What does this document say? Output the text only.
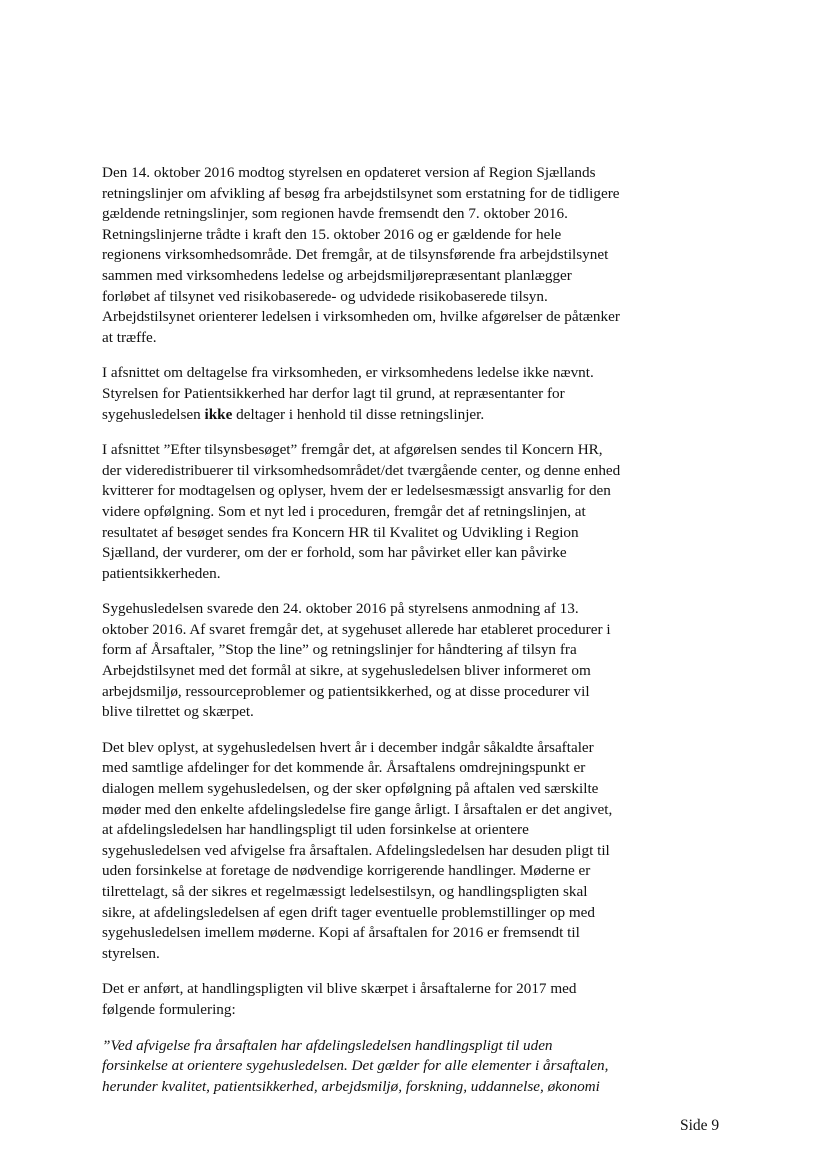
Den 14. oktober 2016 modtog styrelsen en opdateret version af Region Sjællands retningslinjer om afvikling af besøg fra arbejdstilsynet som erstatning for de tidligere gældende retningslinjer, som regionen havde fremsendt den 7. oktober 2016. Retningslinjerne trådte i kraft den 15. oktober 2016 og er gældende for hele regionens virksomhedsområde. Det fremgår, at de tilsynsførende fra arbejdstilsynet sammen med virksomhedens ledelse og arbejdsmiljørepræsentant planlægger forløbet af tilsynet ved risikobaserede- og udvidede risikobaserede tilsyn. Arbejdstilsynet orienterer ledelsen i virksomheden om, hvilke afgørelser de påtænker at træffe.

I afsnittet om deltagelse fra virksomheden, er virksomhedens ledelse ikke nævnt. Styrelsen for Patientsikkerhed har derfor lagt til grund, at repræsentanter for sygehusledelsen ikke deltager i henhold til disse retningslinjer.

I afsnittet ”Efter tilsynsbesøget” fremgår det, at afgørelsen sendes til Koncern HR, der videredistribuerer til virksomhedsområdet/det tværgående center, og denne enhed kvitterer for modtagelsen og oplyser, hvem der er ledelsesmæssigt ansvarlig for den videre opfølgning. Som et nyt led i proceduren, fremgår det af retningslinjen, at resultatet af besøget sendes fra Koncern HR til Kvalitet og Udvikling i Region Sjælland, der vurderer, om der er forhold, som har påvirket eller kan påvirke patientsikkerheden.

Sygehusledelsen svarede den 24. oktober 2016 på styrelsens anmodning af 13. oktober 2016. Af svaret fremgår det, at sygehuset allerede har etableret procedurer i form af Årsaftaler, ”Stop the line” og retningslinjer for håndtering af tilsyn fra Arbejdstilsynet med det formål at sikre, at sygehusledelsen bliver informeret om arbejdsmiljø, ressourceproblemer og patientsikkerhed, og at disse procedurer vil blive tilrettet og skærpet.

Det blev oplyst, at sygehusledelsen hvert år i december indgår såkaldte årsaftaler med samtlige afdelinger for det kommende år. Årsaftalens omdrejningspunkt er dialogen mellem sygehusledelsen, og der sker opfølgning på aftalen ved særskilte møder med den enkelte afdelingsledelse fire gange årligt. I årsaftalen er det angivet, at afdelingsledelsen har handlingspligt til uden forsinkelse at orientere sygehusledelsen ved afvigelse fra årsaftalen. Afdelingsledelsen har desuden pligt til uden forsinkelse at foretage de nødvendige korrigerende handlinger. Møderne er tilrettelagt, så der sikres et regelmæssigt ledelsestilsyn, og handlingspligten skal sikre, at afdelingsledelsen af egen drift tager eventuelle problemstillinger op med sygehusledelsen imellem møderne. Kopi af årsaftalen for 2016 er fremsendt til styrelsen.

Det er anført, at handlingspligten vil blive skærpet i årsaftalerne for 2017 med følgende formulering:

”Ved afvigelse fra årsaftalen har afdelingsledelsen handlingspligt til uden forsinkelse at orientere sygehusledelsen. Det gælder for alle elementer i årsaftalen, herunder kvalitet, patientsikkerhed, arbejdsmiljø, forskning, uddannelse, økonomi

Side 9
